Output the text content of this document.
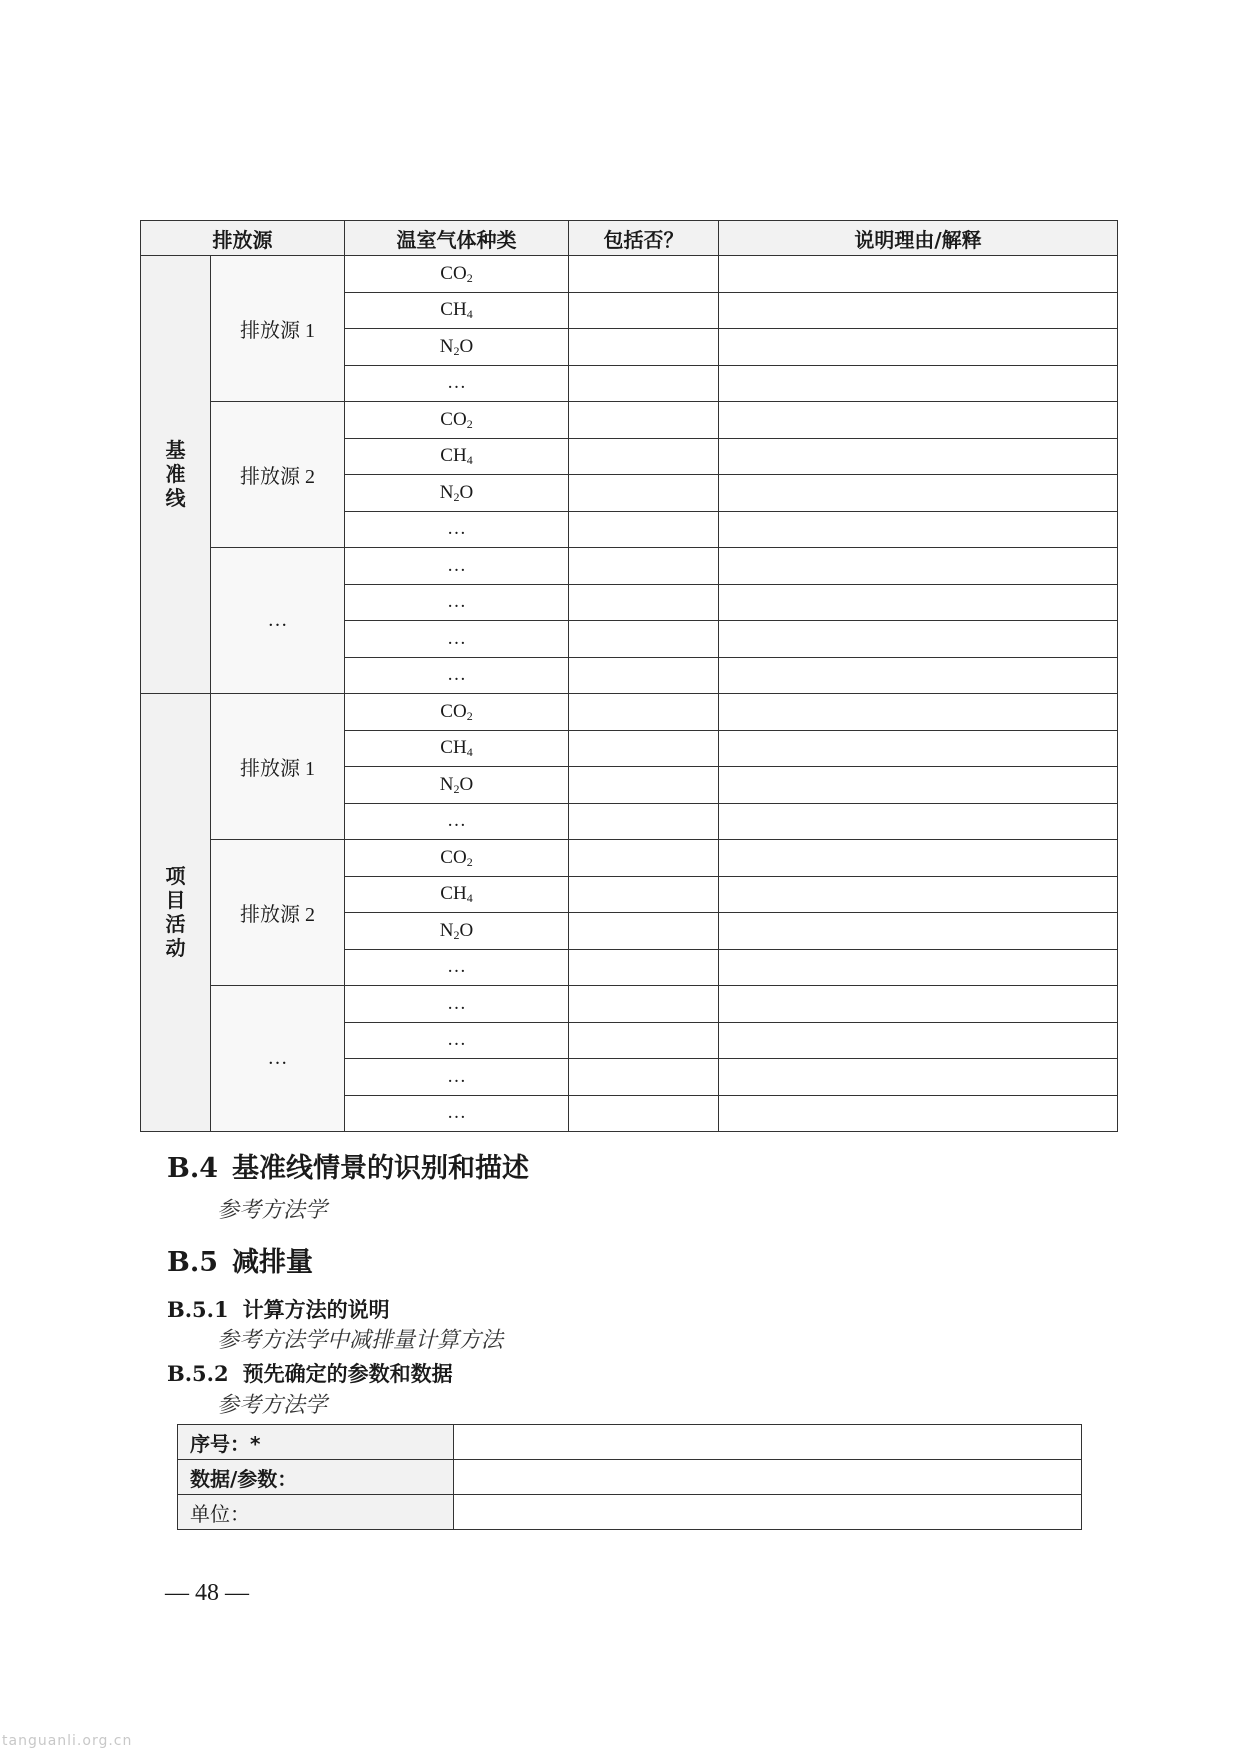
排放源		温室气体种类	包括否？	说明理由/解释
基准线	排放源 1	$CO_2$		
		$CH_4$		
		$N_2O$		
		…		
	排放源 2	$CO_2$		
		$CH_4$		
		$N_2O$		
		…		
	…	…		
		…		
		…		
		…		
项目活动	排放源 1	$CO_2$		
		$CH_4$		
		$N_2O$		
		…		
	排放源 2	$CO_2$		
		$CH_4$		
		$N_2O$		
		…		
	…	…		
		…		
		…		
		…		
B.4 基准线情景的识别和描述
参考方法学
B.5 减排量
B.5.1 计算方法的说明
参考方法学中减排量计算方法
B.5.2 预先确定的参数和数据
参考方法学
序号：*	
数据/参数：	
单位：	
— 48 —
tanguanli.org.cn
